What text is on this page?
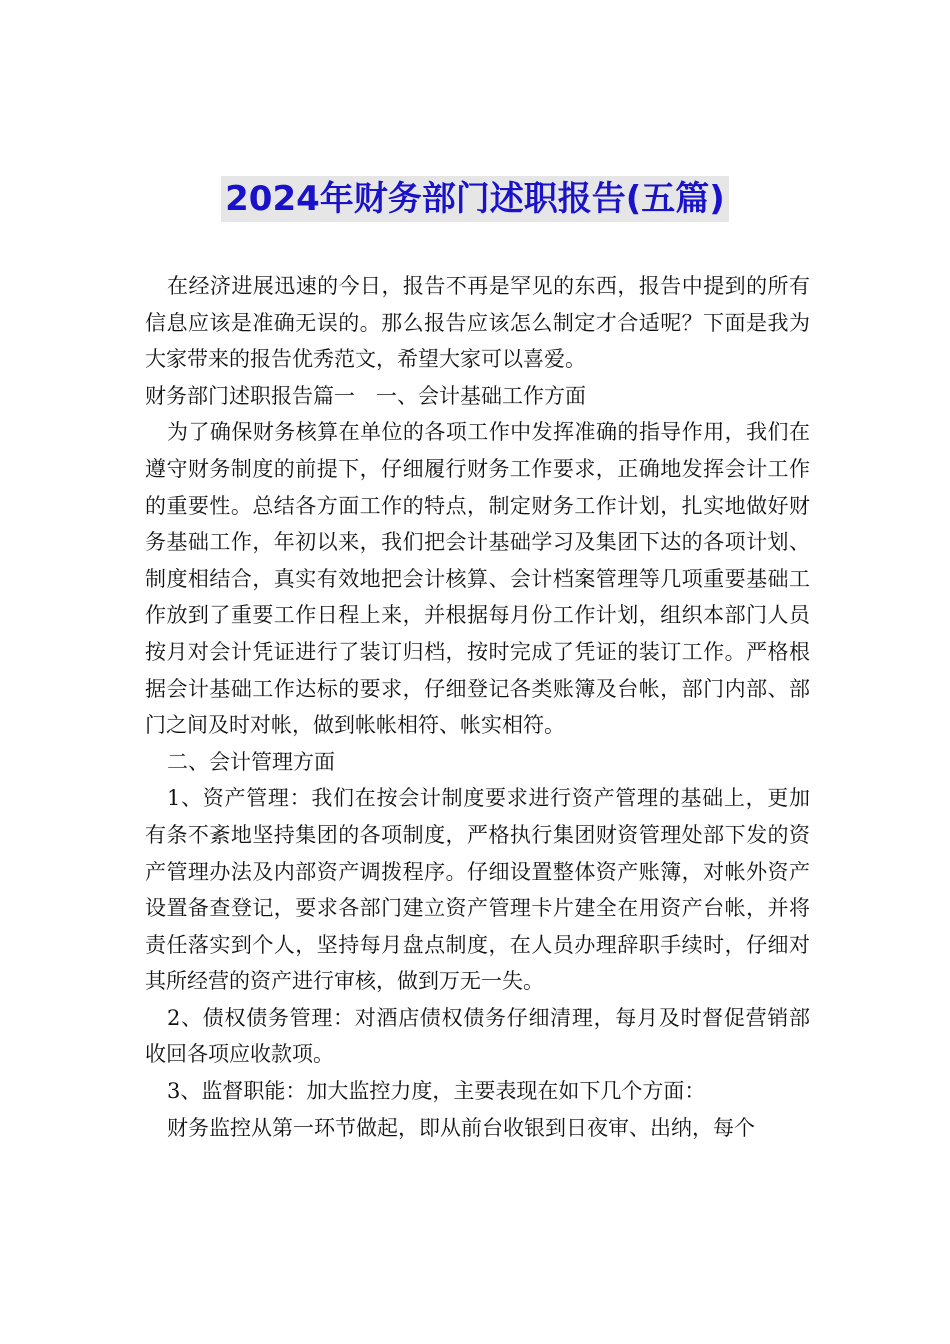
2024年财务部门述职报告(五篇)

在经济进展迅速的今日，报告不再是罕见的东西，报告中提到的所有信息应该是准确无误的。那么报告应该怎么制定才合适呢？下面是我为大家带来的报告优秀范文，希望大家可以喜爱。

财务部门述职报告篇一　一、会计基础工作方面

为了确保财务核算在单位的各项工作中发挥准确的指导作用，我们在遵守财务制度的前提下，仔细履行财务工作要求，正确地发挥会计工作的重要性。总结各方面工作的特点，制定财务工作计划，扎实地做好财务基础工作，年初以来，我们把会计基础学习及集团下达的各项计划、制度相结合，真实有效地把会计核算、会计档案管理等几项重要基础工作放到了重要工作日程上来，并根据每月份工作计划，组织本部门人员按月对会计凭证进行了装订归档，按时完成了凭证的装订工作。严格根据会计基础工作达标的要求，仔细登记各类账簿及台帐，部门内部、部门之间及时对帐，做到帐帐相符、帐实相符。

二、会计管理方面

1、资产管理：我们在按会计制度要求进行资产管理的基础上，更加有条不紊地坚持集团的各项制度，严格执行集团财资管理处部下发的资产管理办法及内部资产调拨程序。仔细设置整体资产账簿，对帐外资产设置备查登记，要求各部门建立资产管理卡片建全在用资产台帐，并将责任落实到个人，坚持每月盘点制度，在人员办理辞职手续时，仔细对其所经营的资产进行审核，做到万无一失。

2、债权债务管理：对酒店债权债务仔细清理，每月及时督促营销部收回各项应收款项。

3、监督职能：加大监控力度，主要表现在如下几个方面：

财务监控从第一环节做起，即从前台收银到日夜审、出纳，每个
